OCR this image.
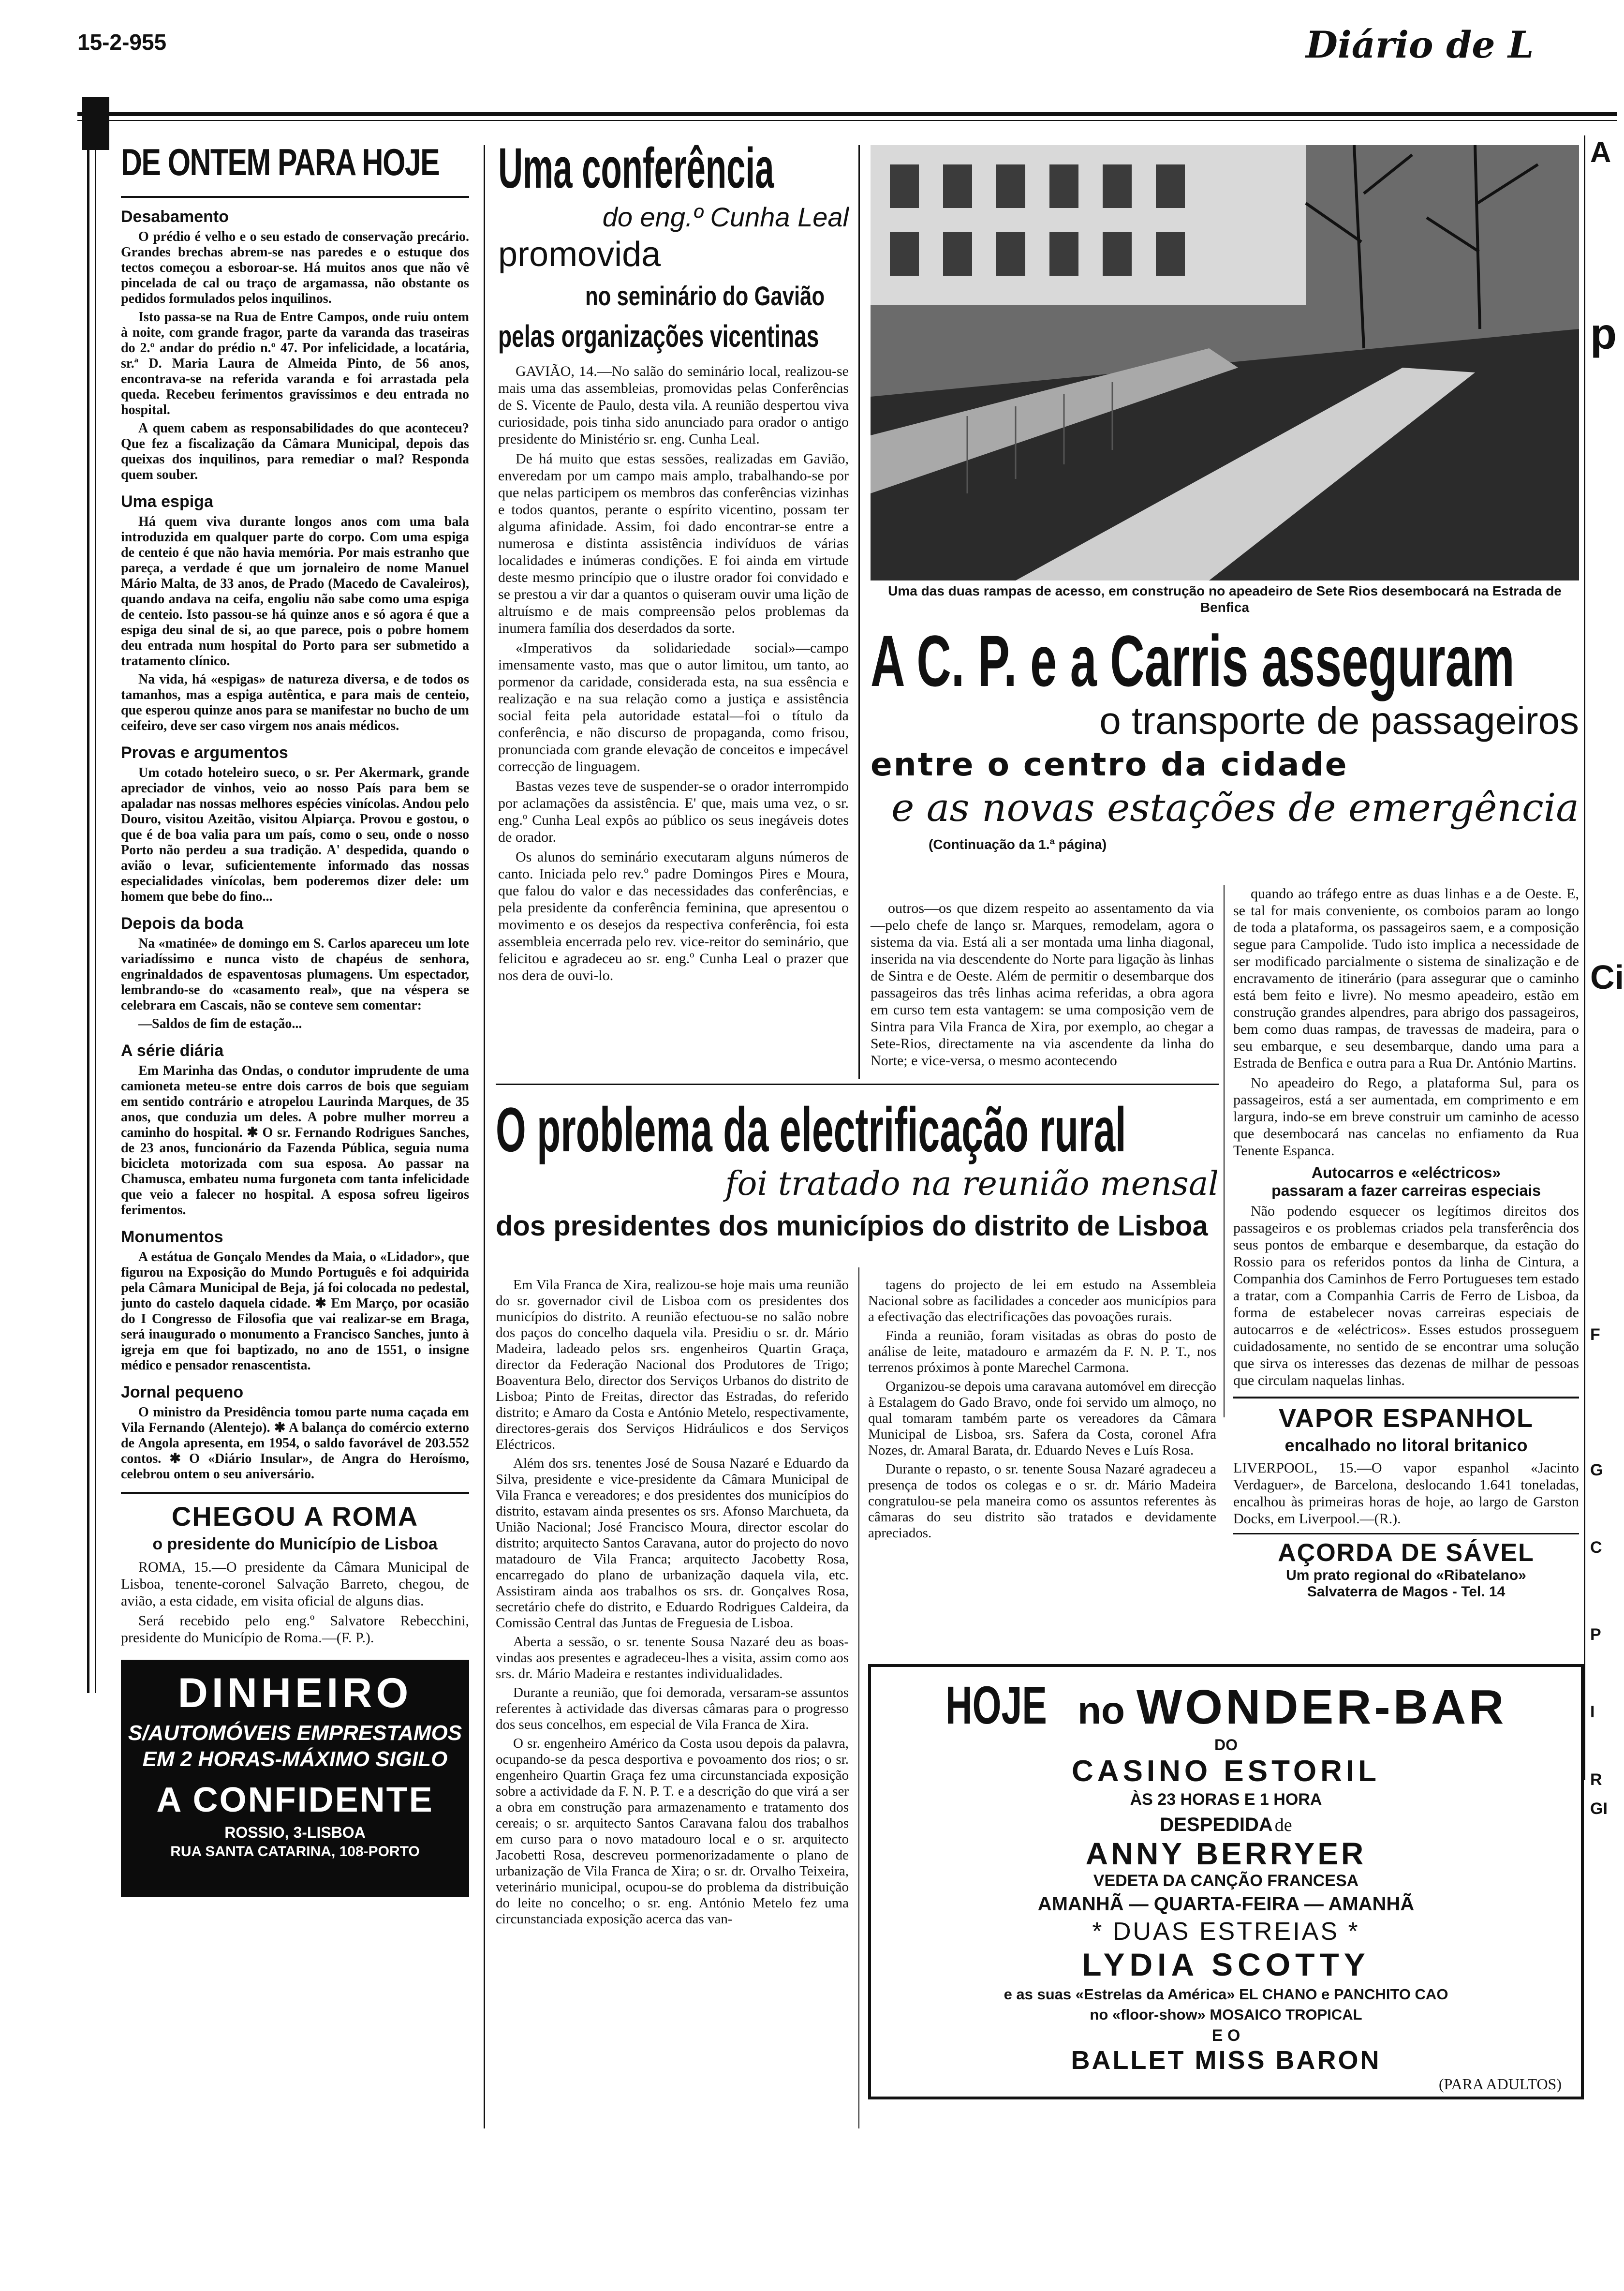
15-2-955	Diário de L
DE ONTEM PARA HOJE
Desabamento

O prédio é velho e o seu estado de conservação precário. Grandes brechas abrem-se nas paredes e o estuque dos tectos começou a esboroar-se. Há muitos anos que não vê pincelada de cal ou traço de argamassa, não obstante os pedidos formulados pelos inquilinos.

Isto passa-se na Rua de Entre Campos, onde ruiu ontem à noite, com grande fragor, parte da varanda das traseiras do 2.º andar do prédio n.º 47. Por infelicidade, a locatária, sr.ª D. Maria Laura de Almeida Pinto, de 56 anos, encontrava-se na referida varanda e foi arrastada pela queda. Recebeu ferimentos gravíssimos e deu entrada no hospital.

A quem cabem as responsabilidades do que aconteceu? Que fez a fiscalização da Câmara Municipal, depois das queixas dos inquilinos, para remediar o mal? Responda quem souber.

Uma espiga

Há quem viva durante longos anos com uma bala introduzida em qualquer parte do corpo. Com uma espiga de centeio é que não havia memória. Por mais estranho que pareça, a verdade é que um jornaleiro de nome Manuel Mário Malta, de 33 anos, de Prado (Macedo de Cavaleiros), quando andava na ceifa, engoliu não sabe como uma espiga de centeio. Isto passou-se há quinze anos e só agora é que a espiga deu sinal de si, ao que parece, pois o pobre homem deu entrada num hospital do Porto para ser submetido a tratamento clínico.

Na vida, há «espigas» de natureza diversa, e de todos os tamanhos, mas a espiga autêntica, e para mais de centeio, que esperou quinze anos para se manifestar no bucho de um ceifeiro, deve ser caso virgem nos anais médicos.

Provas e argumentos

Um cotado hoteleiro sueco, o sr. Per Akermark, grande apreciador de vinhos, veio ao nosso País para bem se apaladar nas nossas melhores espécies vinícolas. Andou pelo Douro, visitou Azeitão, visitou Alpiarça. Provou e gostou, o que é de boa valia para um país, como o seu, onde o nosso Porto não perdeu a sua tradição. A' despedida, quando o avião o levar, suficientemente informado das nossas especialidades vinícolas, bem poderemos dizer dele: um homem que bebe do fino...

Depois da boda

Na «matinée» de domingo em S. Carlos apareceu um lote variadíssimo e nunca visto de chapéus de senhora, engrinaldados de espaventosas plumagens. Um espectador, lembrando-se do «casamento real», que na véspera se celebrara em Cascais, não se conteve sem comentar:

—Saldos de fim de estação...

A série diária

Em Marinha das Ondas, o condutor imprudente de uma camioneta meteu-se entre dois carros de bois que seguiam em sentido contrário e atropelou Laurinda Marques, de 35 anos, que conduzia um deles. A pobre mulher morreu a caminho do hospital. ✱ O sr. Fernando Rodrigues Sanches, de 23 anos, funcionário da Fazenda Pública, seguia numa bicicleta motorizada com sua esposa. Ao passar na Chamusca, embateu numa furgoneta com tanta infelicidade que veio a falecer no hospital. A esposa sofreu ligeiros ferimentos.

Monumentos

A estátua de Gonçalo Mendes da Maia, o «Lidador», que figurou na Exposição do Mundo Português e foi adquirida pela Câmara Municipal de Beja, já foi colocada no pedestal, junto do castelo daquela cidade. ✱ Em Março, por ocasião do I Congresso de Filosofia que vai realizar-se em Braga, será inaugurado o monumento a Francisco Sanches, junto à igreja em que foi baptizado, no ano de 1551, o insigne médico e pensador renascentista.

Jornal pequeno

O ministro da Presidência tomou parte numa caçada em Vila Fernando (Alentejo). ✱ A balança do comércio externo de Angola apresenta, em 1954, o saldo favorável de 203.552 contos. ✱ O «Diário Insular», de Angra do Heroísmo, celebrou ontem o seu aniversário.

CHEGOU A ROMA
o presidente do Município de Lisboa

ROMA, 15.—O presidente da Câmara Municipal de Lisboa, tenente-coronel Salvação Barreto, chegou, de avião, a esta cidade, em visita oficial de alguns dias.

Será recebido pelo eng.º Salvatore Rebecchini, presidente do Município de Roma.—(F. P.).

DINHEIRO
S/AUTOMÓVEIS EMPRESTAMOS
EM 2 HORAS-MÁXIMO SIGILO
A CONFIDENTE
ROSSIO, 3-LISBOA
RUA SANTA CATARINA, 108-PORTO
Uma conferência
do eng.º Cunha Leal
promovida
no seminário do Gavião
pelas organizações vicentinas

GAVIÃO, 14.—No salão do seminário local, realizou-se mais uma das assembleias, promovidas pelas Conferências de S. Vicente de Paulo, desta vila. A reunião despertou viva curiosidade, pois tinha sido anunciado para orador o antigo presidente do Ministério sr. eng. Cunha Leal.

De há muito que estas sessões, realizadas em Gavião, enveredam por um campo mais amplo, trabalhando-se por que nelas participem os membros das conferências vizinhas e todos quantos, perante o espírito vicentino, possam ter alguma afinidade. Assim, foi dado encontrar-se entre a numerosa e distinta assistência indivíduos de várias localidades e inúmeras condições. E foi ainda em virtude deste mesmo princípio que o ilustre orador foi convidado e se prestou a vir dar a quantos o quiseram ouvir uma lição de altruísmo e de mais compreensão pelos problemas da inumera família dos deserdados da sorte.

«Imperativos da solidariedade social»—campo imensamente vasto, mas que o autor limitou, um tanto, ao pormenor da caridade, considerada esta, na sua essência e realização e na sua relação como a justiça e assistência social feita pela autoridade estatal—foi o título da conferência, e não discurso de propaganda, como frisou, pronunciada com grande elevação de conceitos e impecável correcção de linguagem.

Bastas vezes teve de suspender-se o orador interrompido por aclamações da assistência. E' que, mais uma vez, o sr. eng.º Cunha Leal expôs ao público os seus inegáveis dotes de orador.

Os alunos do seminário executaram alguns números de canto. Iniciada pelo rev.º padre Domingos Pires e Moura, que falou do valor e das necessidades das conferências, e pela presidente da conferência feminina, que apresentou o movimento e os desejos da respectiva conferência, foi esta assembleia encerrada pelo rev. vice-reitor do seminário, que felicitou e agradeceu ao sr. eng.º Cunha Leal o prazer que nos dera de ouvi-lo.

Uma das duas rampas de acesso, em construção no apeadeiro de Sete Rios desembocará na Estrada de Benfica
A C. P. e a Carris asseguram
o transporte de passageiros
entre o centro da cidade
e as novas estações de emergência
(Continuação da 1.ª página)

outros—os que dizem respeito ao assentamento da via—pelo chefe de lanço sr. Marques, remodelam, agora o sistema da via. Está ali a ser montada uma linha diagonal, inserida na via descendente do Norte para ligação às linhas de Sintra e de Oeste. Além de permitir o desembarque dos passageiros das três linhas acima referidas, a obra agora em curso tem esta vantagem: se uma composição vem de Sintra para Vila Franca de Xira, por exemplo, ao chegar a Sete-Rios, directamente na via ascendente da linha do Norte; e vice-versa, o mesmo acontecendo

quando ao tráfego entre as duas linhas e a de Oeste. E, se tal for mais conveniente, os comboios param ao longo de toda a plataforma, os passageiros saem, e a composição segue para Campolide. Tudo isto implica a necessidade de ser modificado parcialmente o sistema de sinalização e de encravamento de itinerário (para assegurar que o caminho está bem feito e livre). No mesmo apeadeiro, estão em construção grandes alpendres, para abrigo dos passageiros, bem como duas rampas, de travessas de madeira, para o seu embarque, e seu desembarque, dando uma para a Estrada de Benfica e outra para a Rua Dr. António Martins.

No apeadeiro do Rego, a plataforma Sul, para os passageiros, está a ser aumentada, em comprimento e em largura, indo-se em breve construir um caminho de acesso que desembocará nas cancelas no enfiamento da Rua Tenente Espanca.

Autocarros e «eléctricos»
passaram a fazer carreiras especiais

Não podendo esquecer os legítimos direitos dos passageiros e os problemas criados pela transferência dos seus pontos de embarque e desembarque, da estação do Rossio para os referidos pontos da linha de Cintura, a Companhia dos Caminhos de Ferro Portugueses tem estado a tratar, com a Companhia Carris de Ferro de Lisboa, da forma de estabelecer novas carreiras especiais de autocarros e de «eléctricos». Esses estudos prosseguem cuidadosamente, no sentido de se encontrar uma solução que sirva os interesses das dezenas de milhar de pessoas que circulam naquelas linhas.

VAPOR ESPANHOL
encalhado no litoral britanico
LIVERPOOL, 15.—O vapor espanhol «Jacinto Verdaguer», de Barcelona, deslocando 1.641 toneladas, encalhou às primeiras horas de hoje, ao largo de Garston Docks, em Liverpool.—(R.).
AÇORDA DE SÁVEL
Um prato regional do «Ribatelano»
Salvaterra de Magos - Tel. 14
O problema da electrificação rural
foi tratado na reunião mensal
dos presidentes dos municípios do distrito de Lisboa

Em Vila Franca de Xira, realizou-se hoje mais uma reunião do sr. governador civil de Lisboa com os presidentes dos municípios do distrito. A reunião efectuou-se no salão nobre dos paços do concelho daquela vila. Presidiu o sr. dr. Mário Madeira, ladeado pelos srs. engenheiros Quartin Graça, director da Federação Nacional dos Produtores de Trigo; Boaventura Belo, director dos Serviços Urbanos do distrito de Lisboa; Pinto de Freitas, director das Estradas, do referido distrito; e Amaro da Costa e António Metelo, respectivamente, directores-gerais dos Serviços Hidráulicos e dos Serviços Eléctricos.

Além dos srs. tenentes José de Sousa Nazaré e Eduardo da Silva, presidente e vice-presidente da Câmara Municipal de Vila Franca e vereadores; e dos presidentes dos municípios do distrito, estavam ainda presentes os srs. Afonso Marchueta, da União Nacional; José Francisco Moura, director escolar do distrito; arquitecto Santos Caravana, autor do projecto do novo matadouro de Vila Franca; arquitecto Jacobetty Rosa, encarregado do plano de urbanização daquela vila, etc. Assistiram ainda aos trabalhos os srs. dr. Gonçalves Rosa, secretário chefe do distrito, e Eduardo Rodrigues Caldeira, da Comissão Central das Juntas de Freguesia de Lisboa.

Aberta a sessão, o sr. tenente Sousa Nazaré deu as boas-vindas aos presentes e agradeceu-lhes a visita, assim como aos srs. dr. Mário Madeira e restantes individualidades.

Durante a reunião, que foi demorada, versaram-se assuntos referentes à actividade das diversas câmaras para o progresso dos seus concelhos, em especial de Vila Franca de Xira.

O sr. engenheiro Américo da Costa usou depois da palavra, ocupando-se da pesca desportiva e povoamento dos rios; o sr. engenheiro Quartin Graça fez uma circunstanciada exposição sobre a actividade da F. N. P. T. e a descrição do que virá a ser a obra em construção para armazenamento e tratamento dos cereais; o sr. arquitecto Santos Caravana falou dos trabalhos em curso para o novo matadouro local e o sr. arquitecto Jacobetti Rosa, descreveu pormenorizadamente o plano de urbanização de Vila Franca de Xira; o sr. dr. Orvalho Teixeira, veterinário municipal, ocupou-se do problema da distribuição do leite no concelho; o sr. eng. António Metelo fez uma circunstanciada exposição acerca das van-

tagens do projecto de lei em estudo na Assembleia Nacional sobre as facilidades a conceder aos municípios para a efectivação das electrificações das povoações rurais.

Finda a reunião, foram visitadas as obras do posto de análise de leite, matadouro e armazém da F. N. P. T., nos terrenos próximos à ponte Marechel Carmona.

Organizou-se depois uma caravana automóvel em direcção à Estalagem do Gado Bravo, onde foi servido um almoço, no qual tomaram também parte os vereadores da Câmara Municipal de Lisboa, srs. Safera da Costa, coronel Afra Nozes, dr. Amaral Barata, dr. Eduardo Neves e Luís Rosa.

Durante o repasto, o sr. tenente Sousa Nazaré agradeceu a presença de todos os colegas e o sr. dr. Mário Madeira congratulou-se pela maneira como os assuntos referentes às câmaras do seu distrito são tratados e devidamente apreciados.

HOJE no WONDER-BAR
DO
CASINO ESTORIL
ÀS 23 HORAS E 1 HORA
DESPEDIDA de
ANNY BERRYER
VEDETA DA CANÇÃO FRANCESA
AMANHÃ — QUARTA-FEIRA — AMANHÃ
* DUAS ESTREIAS *
LYDIA SCOTTY
e as suas «Estrelas da América» EL CHANO e PANCHITO CAO
no «floor-show» MOSAICO TROPICAL
E O
BALLET MISS BARON
(PARA ADULTOS)
A
p
Ci
F
G
C
P
I
R
GI
